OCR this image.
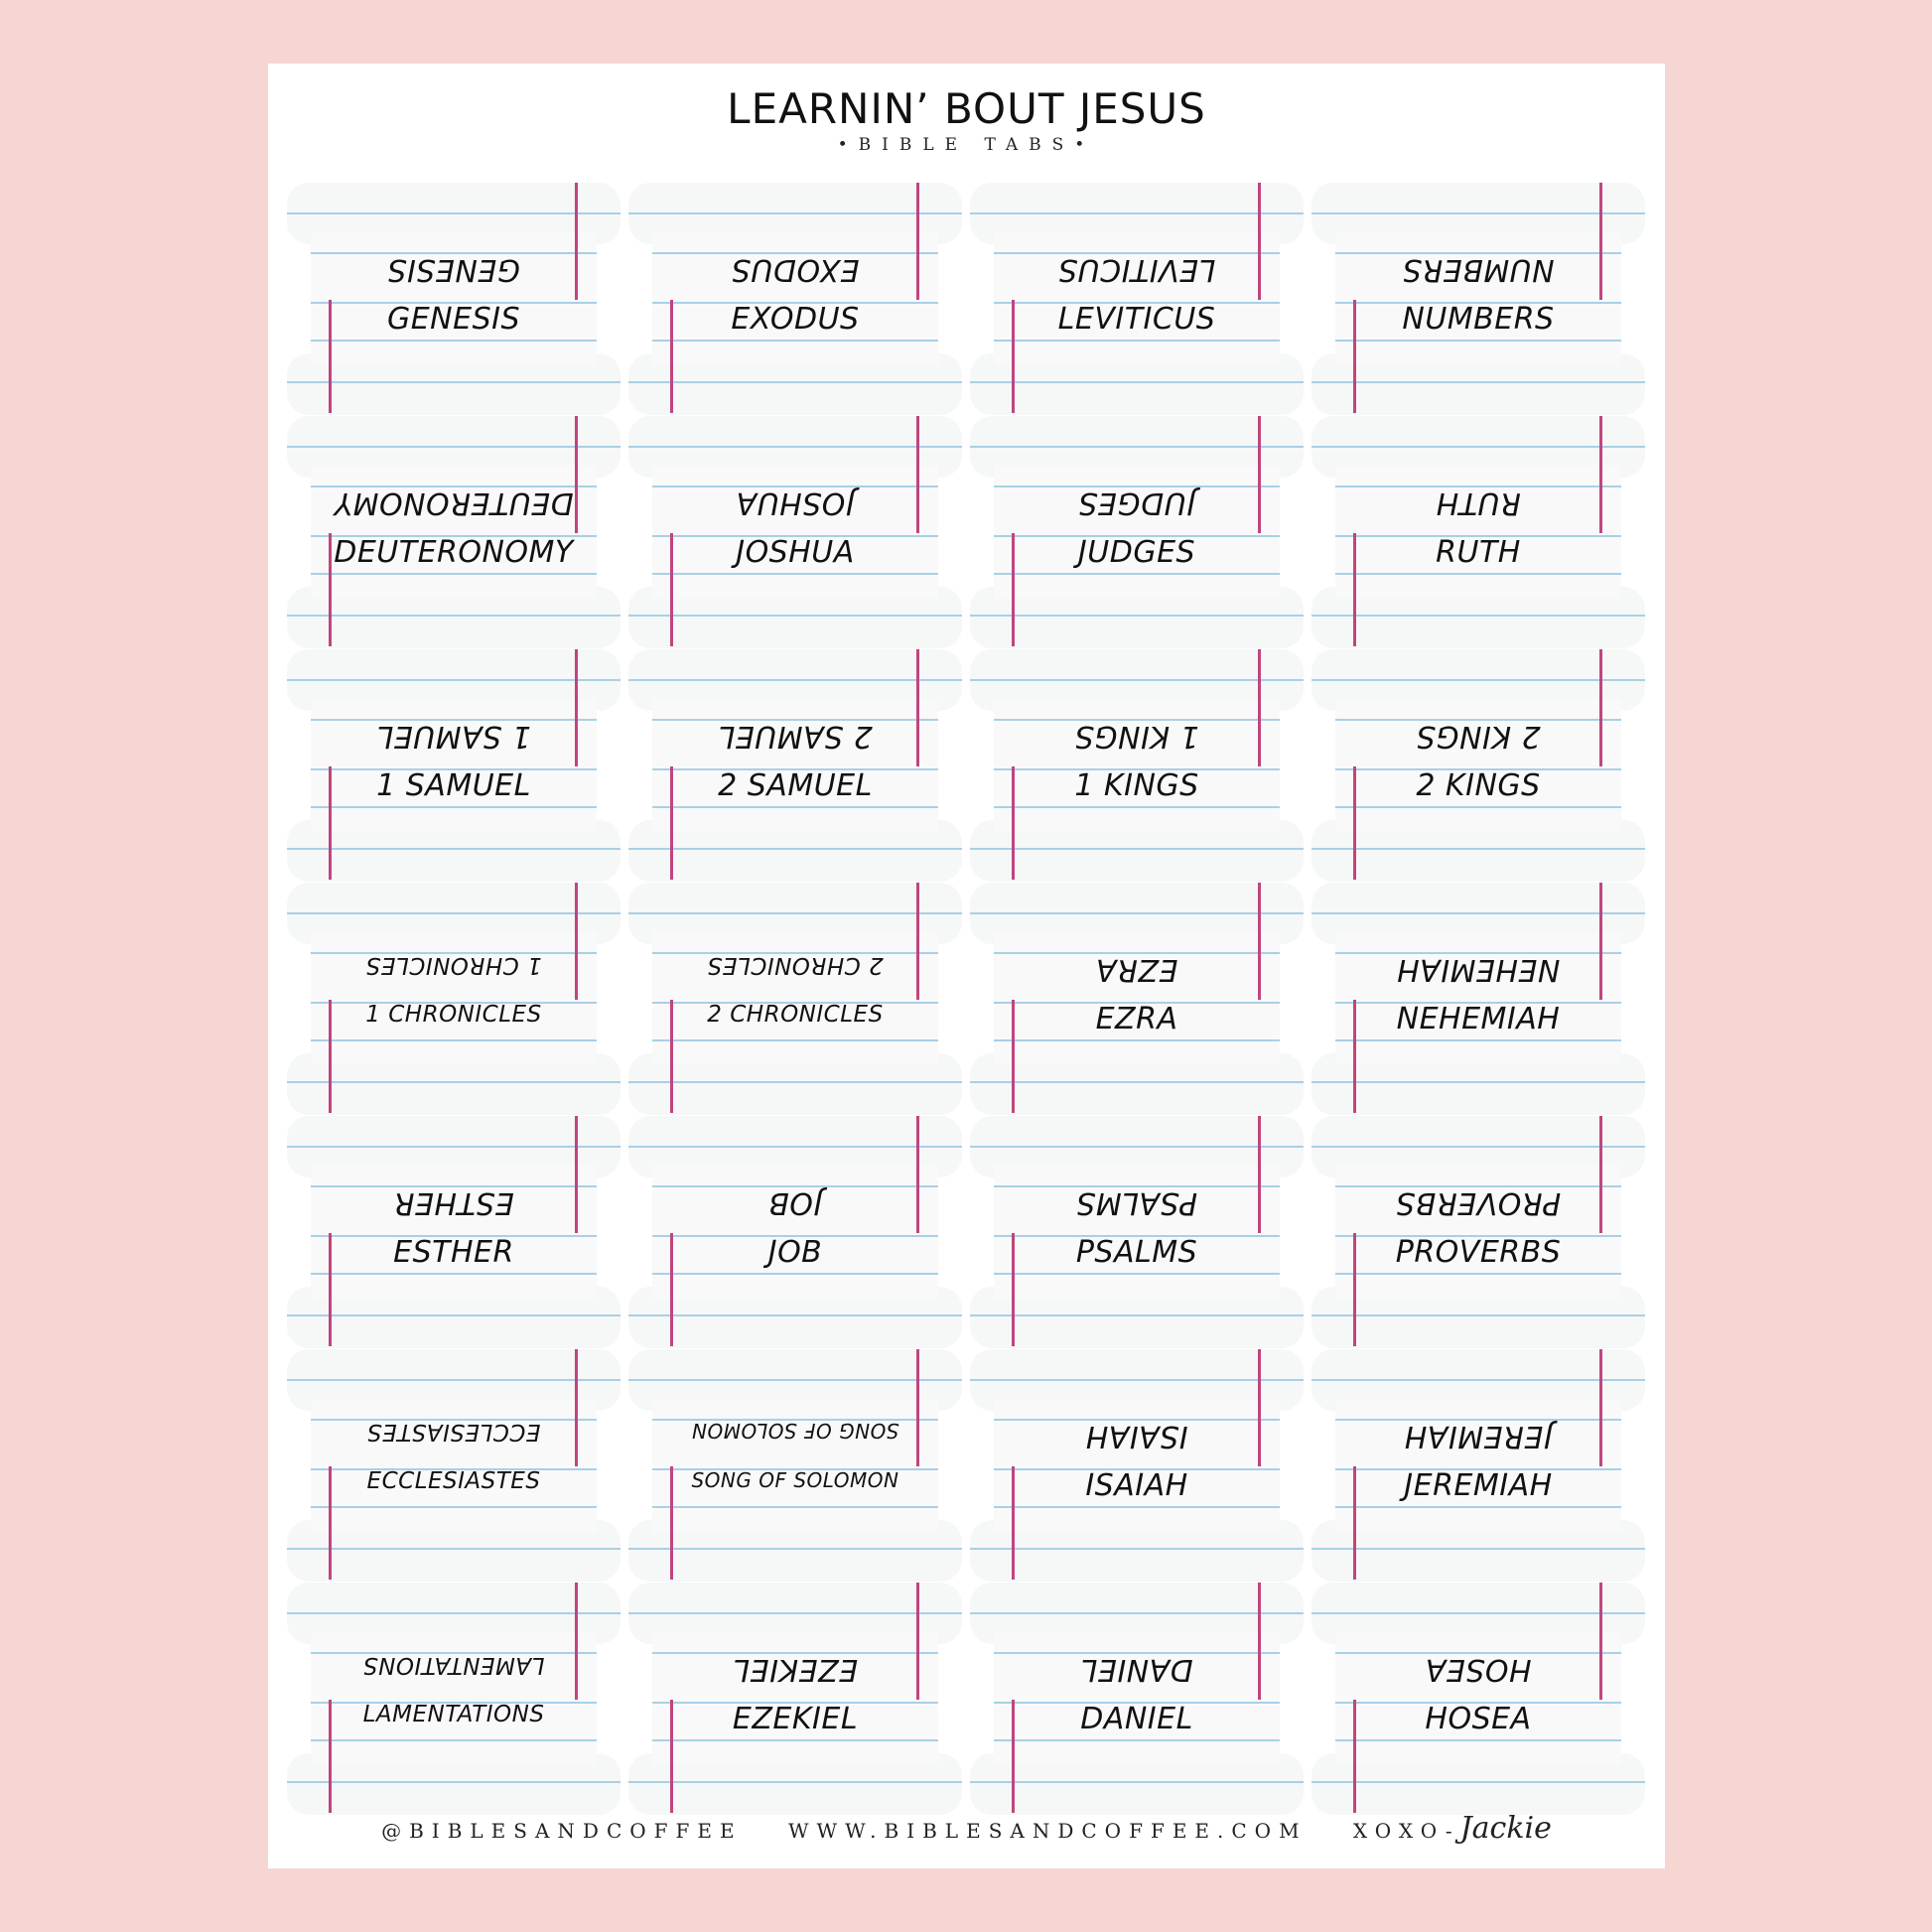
LEARNIN’ BOUT JESUS
•BIBLE TABS•
GENESIS
GENESIS
EXODUS
EXODUS
LEVITICUS
LEVITICUS
NUMBERS
NUMBERS
DEUTERONOMY
DEUTERONOMY
JOSHUA
JOSHUA
JUDGES
JUDGES
RUTH
RUTH
1 SAMUEL
1 SAMUEL
2 SAMUEL
2 SAMUEL
1 KINGS
1 KINGS
2 KINGS
2 KINGS
1 CHRONICLES
1 CHRONICLES
2 CHRONICLES
2 CHRONICLES
EZRA
EZRA
NEHEMIAH
NEHEMIAH
ESTHER
ESTHER
JOB
JOB
PSALMS
PSALMS
PROVERBS
PROVERBS
ECCLESIASTES
ECCLESIASTES
SONG OF SOLOMON
SONG OF SOLOMON
ISAIAH
ISAIAH
JEREMIAH
JEREMIAH
LAMENTATIONS
LAMENTATIONS
EZEKIEL
EZEKIEL
DANIEL
DANIEL
HOSEA
HOSEA
@BIBLESANDCOFFEE WWW.BIBLESANDCOFFEE.COM XOXO-Jackie
